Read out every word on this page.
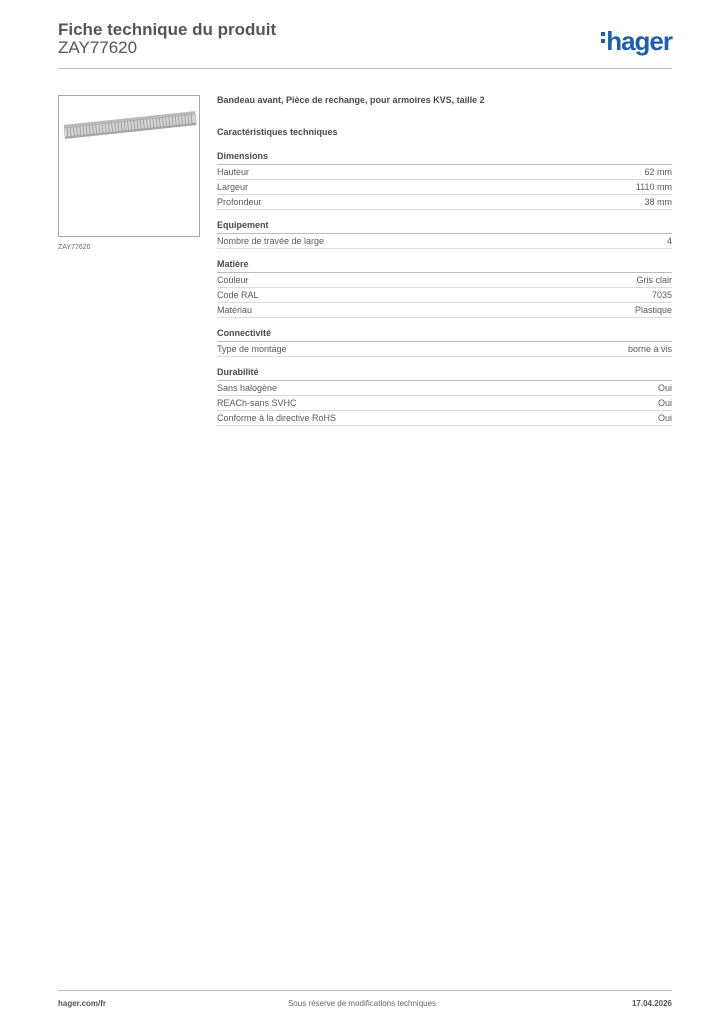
Fiche technique du produit
ZAY77620	hager
ZAY77620

Bandeau avant, Pièce de rechange, pour armoires KVS, taille 2

Caractéristiques techniques

Dimensions
Hauteur	62 mm
Largeur	1110 mm
Profondeur	38 mm
Equipement
Nombre de travée de large	4
Matière
Couleur	Gris clair
Code RAL	7035
Matériau	Plastique
Connectivité
Type de montage	borne à vis
Durabilité
Sans halogène	Oui
REACh-sans SVHC	Oui
Conforme à la directive RoHS	Oui
hager.com/fr	Sous réserve de modifications techniques	17.04.2026
